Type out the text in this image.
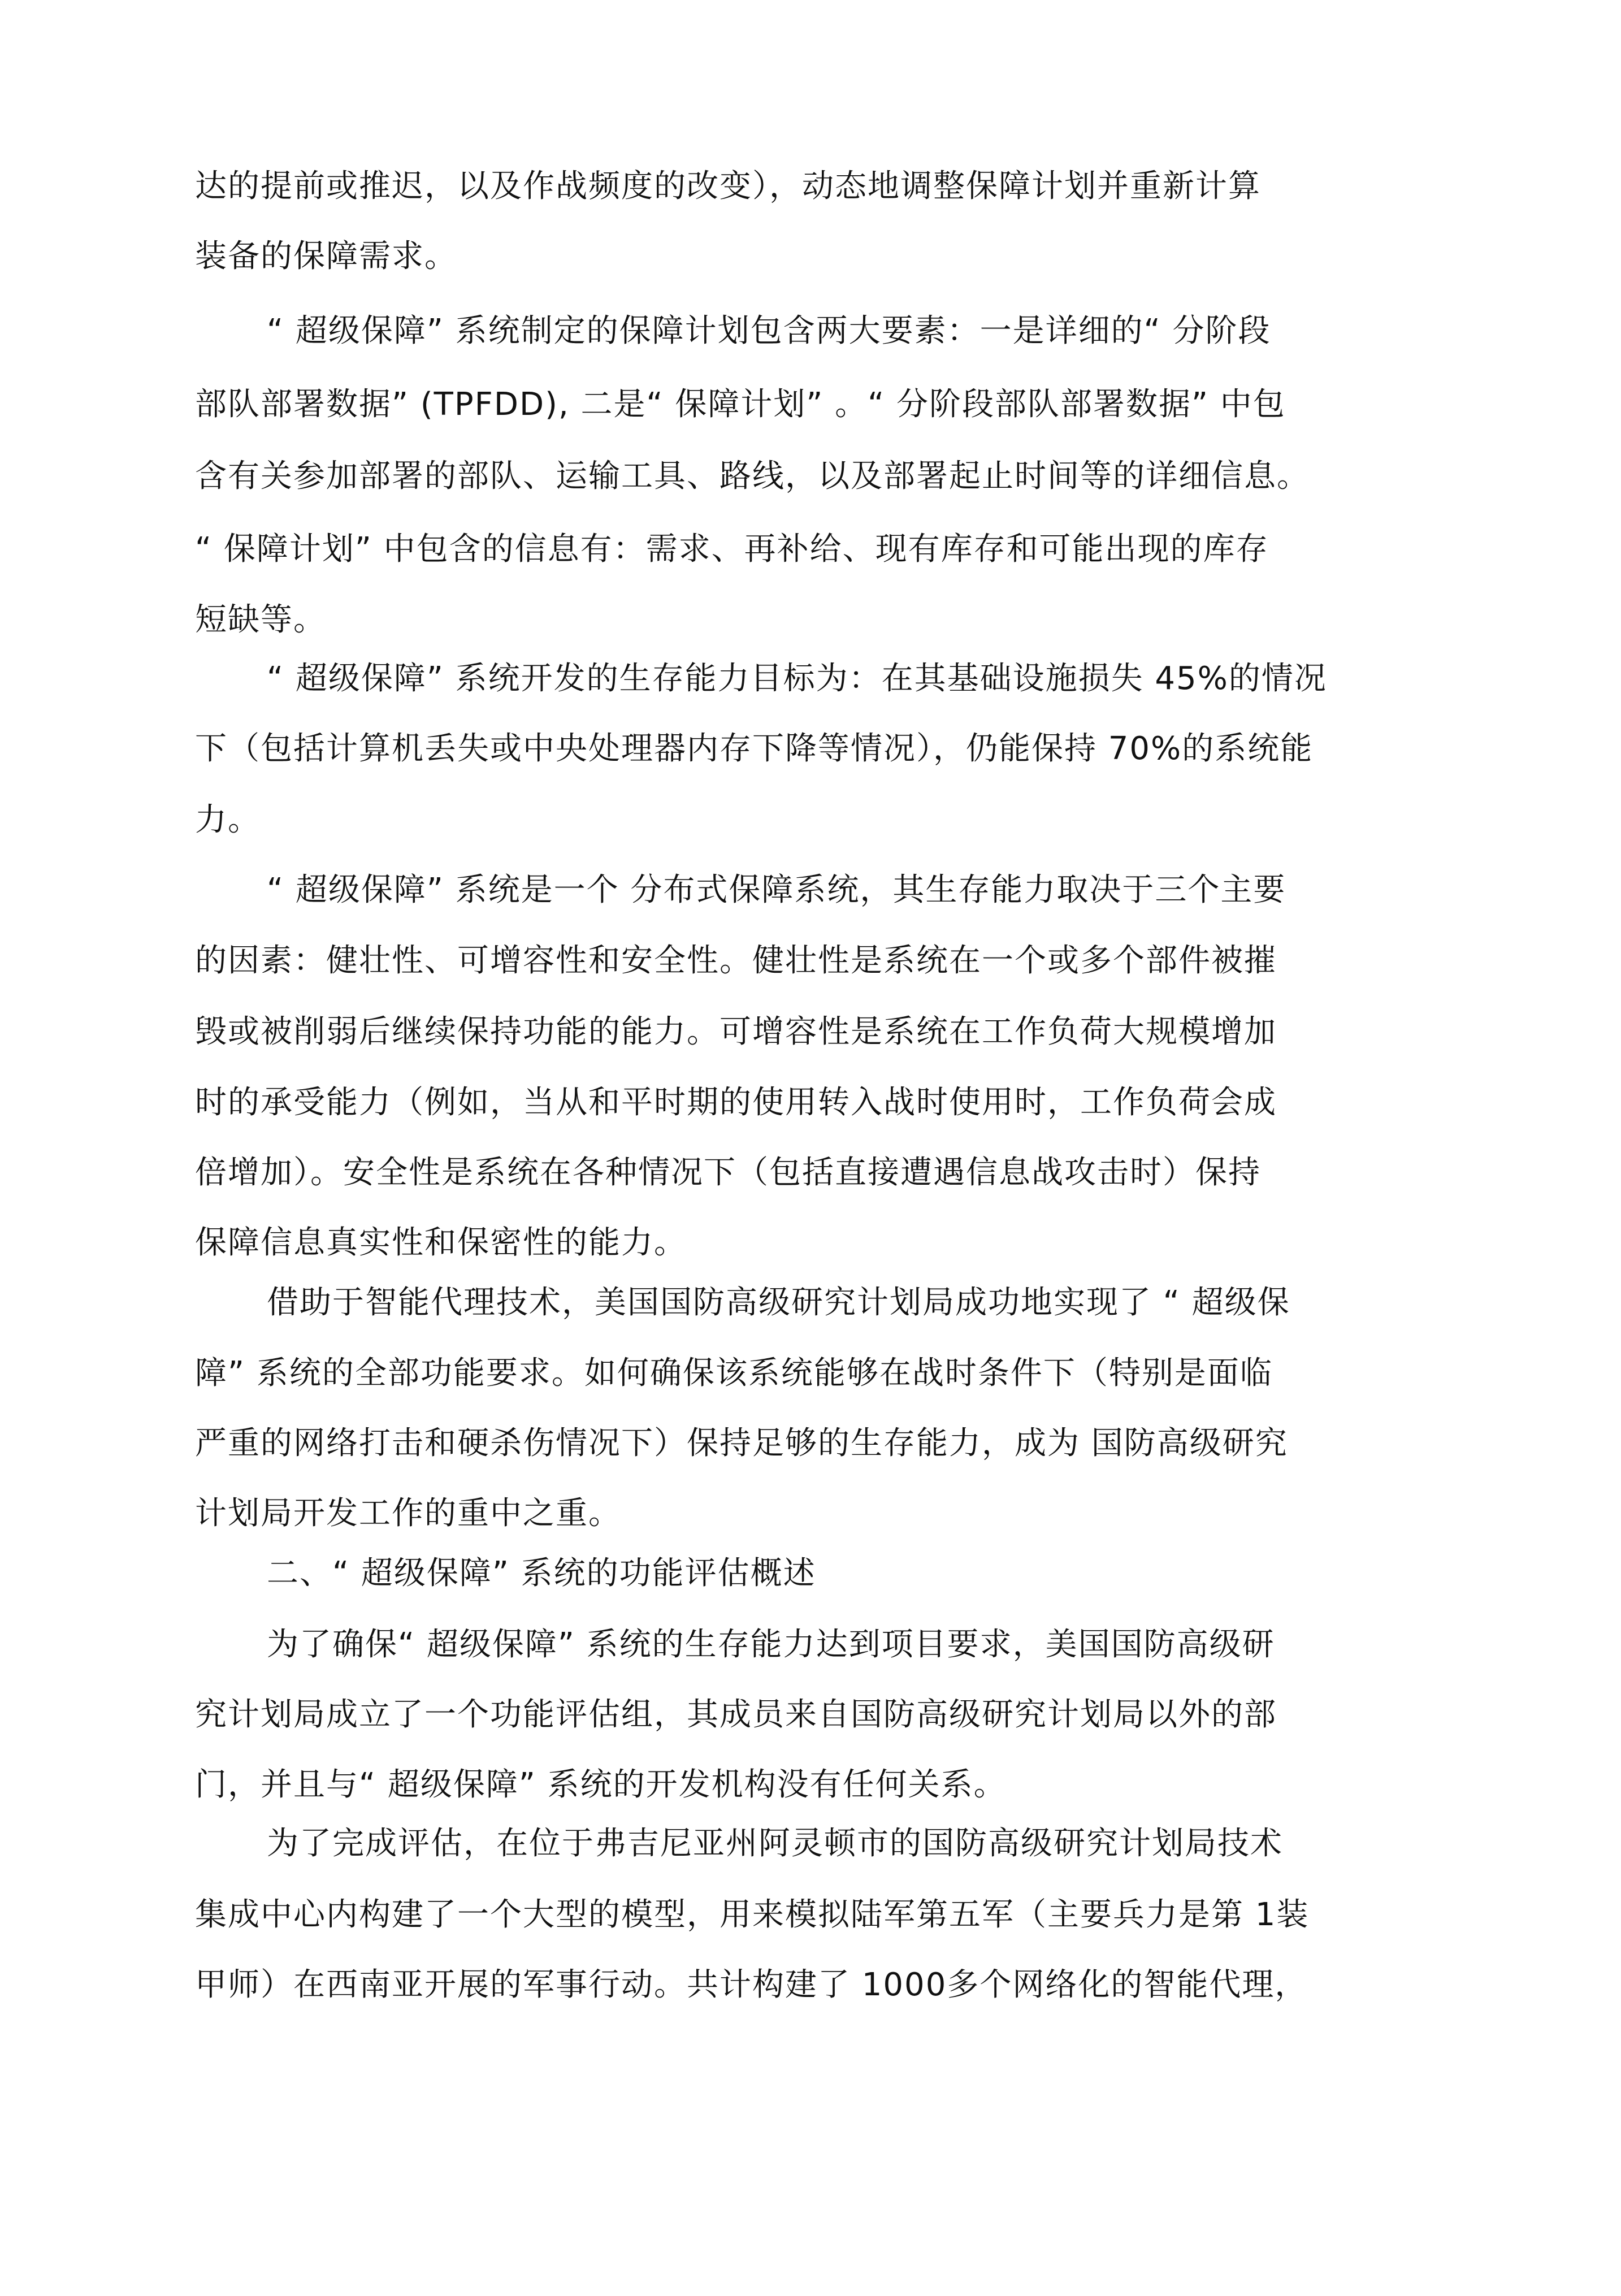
达的提前或推迟，以及作战频度的改变），动态地调整保障计划并重新计算
装备的保障需求。
“ 超级保障” 系统制定的保障计划包含两大要素：一是详细的“ 分阶段
部队部署数据” (TPFDD), 二是“ 保障计划” 。“ 分阶段部队部署数据” 中包
含有关参加部署的部队、运输工具、路线，以及部署起止时间等的详细信息。
“ 保障计划” 中包含的信息有：需求、再补给、现有库存和可能出现的库存
短缺等。
“ 超级保障” 系统开发的生存能力目标为：在其基础设施损失 45%的情况
下（包括计算机丢失或中央处理器内存下降等情况），仍能保持 70%的系统能
力。
“ 超级保障” 系统是一个 分布式保障系统，其生存能力取决于三个主要
的因素：健壮性、可增容性和安全性。健壮性是系统在一个或多个部件被摧
毁或被削弱后继续保持功能的能力。可增容性是系统在工作负荷大规模增加
时的承受能力（例如，当从和平时期的使用转入战时使用时，工作负荷会成
倍增加）。安全性是系统在各种情况下（包括直接遭遇信息战攻击时）保持
保障信息真实性和保密性的能力。
借助于智能代理技术，美国国防高级研究计划局成功地实现了 “ 超级保
障” 系统的全部功能要求。如何确保该系统能够在战时条件下（特别是面临
严重的网络打击和硬杀伤情况下）保持足够的生存能力，成为 国防高级研究
计划局开发工作的重中之重。
二、“ 超级保障” 系统的功能评估概述
为了确保“ 超级保障” 系统的生存能力达到项目要求，美国国防高级研
究计划局成立了一个功能评估组，其成员来自国防高级研究计划局以外的部
门，并且与“ 超级保障” 系统的开发机构没有任何关系。
为了完成评估，在位于弗吉尼亚州阿灵顿市的国防高级研究计划局技术
集成中心内构建了一个大型的模型，用来模拟陆军第五军（主要兵力是第 1装
甲师）在西南亚开展的军事行动。共计构建了 1000多个网络化的智能代理，
